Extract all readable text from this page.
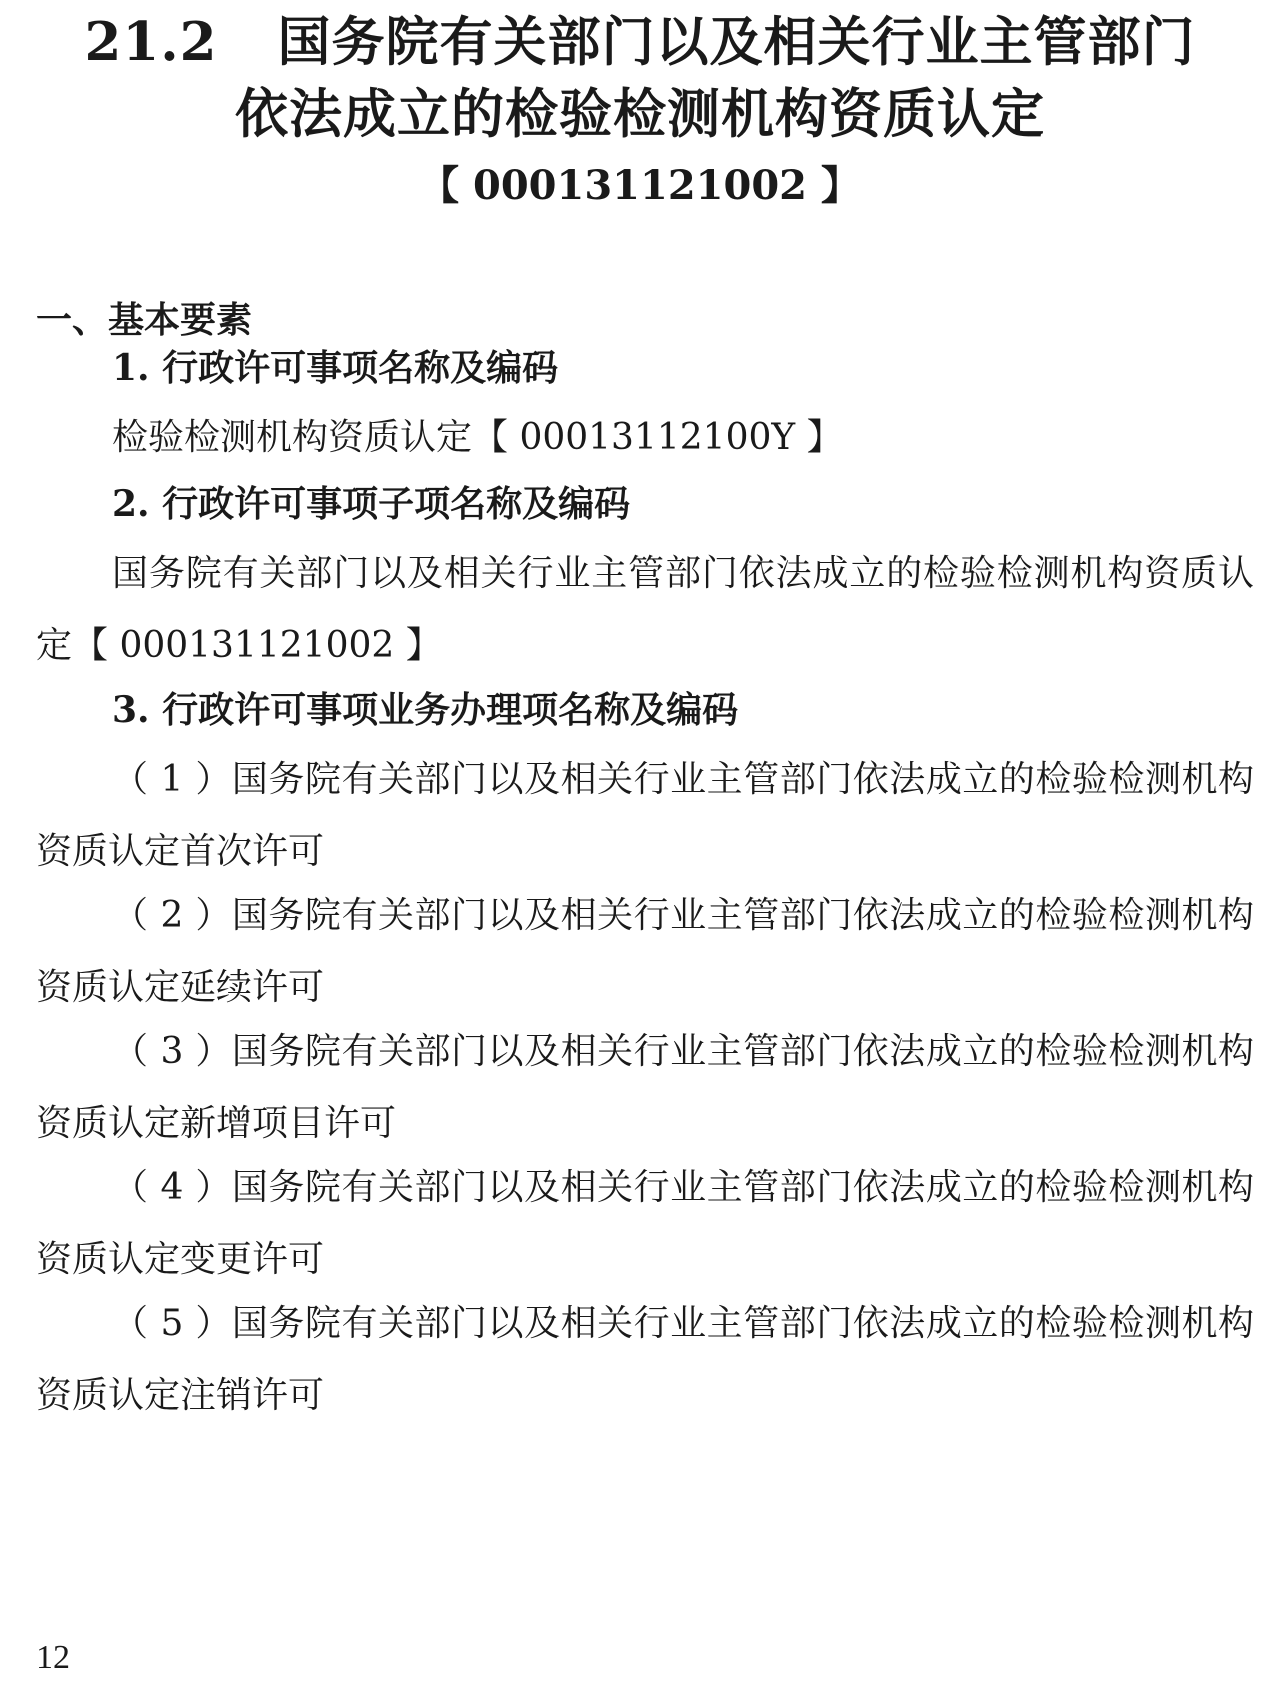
21.2 国务院有关部门以及相关行业主管部门
依法成立的检验检测机构资质认定
【 000131121002 】
一、基本要素
1. 行政许可事项名称及编码

检验检测机构资质认定【 00013112100Y 】

2. 行政许可事项子项名称及编码

国务院有关部门以及相关行业主管部门依法成立的检验检测机构资质认定【 000131121002 】

3. 行政许可事项业务办理项名称及编码

（ 1 ）国务院有关部门以及相关行业主管部门依法成立的检验检测机构资质认定首次许可

（ 2 ）国务院有关部门以及相关行业主管部门依法成立的检验检测机构资质认定延续许可

（ 3 ）国务院有关部门以及相关行业主管部门依法成立的检验检测机构资质认定新增项目许可

（ 4 ）国务院有关部门以及相关行业主管部门依法成立的检验检测机构资质认定变更许可

（ 5 ）国务院有关部门以及相关行业主管部门依法成立的检验检测机构资质认定注销许可

12
